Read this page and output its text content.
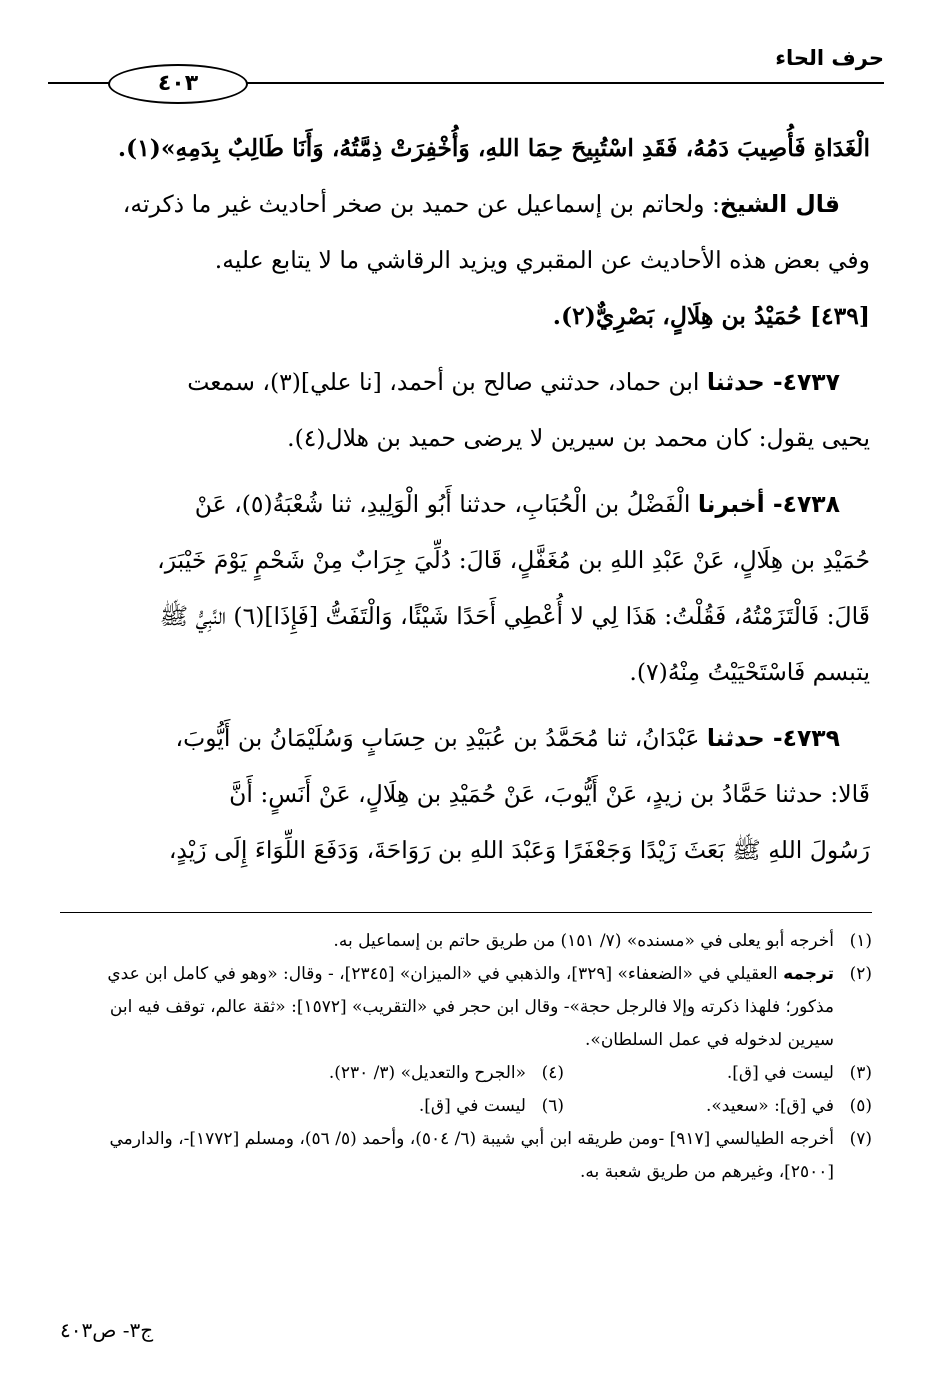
حرف الحاء
٤٠٣

الْغَدَاةِ فَأُصِيبَ دَمُهُ، فَقَدِ اسْتُبِيحَ حِمَا اللهِ، وَأُخْفِرَتْ ذِمَّتُهُ، وَأَنَا طَالِبٌ بِدَمِهِ»(١).

قال الشيخ: ولحاتم بن إسماعيل عن حميد بن صخر أحاديث غير ما ذكرته،

وفي بعض هذه الأحاديث عن المقبري ويزيد الرقاشي ما لا يتابع عليه.

[٤٣٩] حُمَيْدُ بن هِلَالٍ، بَصْرِيٌّ(٢).

٤٧٣٧- حدثنا ابن حماد، حدثني صالح بن أحمد، [نا علي](٣)، سمعت

يحيى يقول: كان محمد بن سيرين لا يرضى حميد بن هلال(٤).

٤٧٣٨- أخبرنا الْفَضْلُ بن الْحُبَابِ، حدثنا أَبُو الْوَلِيدِ، ثنا شُعْبَةُ(٥)، عَنْ

حُمَيْدِ بن هِلَالٍ، عَنْ عَبْدِ اللهِ بن مُغَفَّلٍ، قَالَ: دُلِّيَ جِرَابٌ مِنْ شَحْمٍ يَوْمَ خَيْبَرَ،

قَالَ: فَالْتَزَمْتُهُ، فَقُلْتُ: هَذَا لِي لا أُعْطِي أَحَدًا شَيْئًا، وَالْتَفَتُّ [فَإِذَا](٦) النَّبِيُّ ﷺ

يتبسم فَاسْتَحْيَيْتُ مِنْهُ(٧).

٤٧٣٩- حدثنا عَبْدَانُ، ثنا مُحَمَّدُ بن عُبَيْدِ بن حِسَابٍ وَسُلَيْمَانُ بن أَيُّوبَ،

قَالا: حدثنا حَمَّادُ بن زيدٍ، عَنْ أَيُّوبَ، عَنْ حُمَيْدِ بن هِلَالٍ، عَنْ أَنَسٍ: أَنَّ

رَسُولَ اللهِ ﷺ بَعَثَ زَيْدًا وَجَعْفَرًا وَعَبْدَ اللهِ بن رَوَاحَةَ، وَدَفَعَ اللِّوَاءَ إِلَى زَيْدٍ،

(١)
أخرجه أبو يعلى في «مسنده» (٧/ ١٥١) من طريق حاتم بن إسماعيل به.

(٢)
ترجمه العقيلي في «الضعفاء» [٣٢٩]، والذهبي في «الميزان» [٢٣٤٥]، - وقال: «وهو في كامل ابن عدي مذكور؛ فلهذا ذكرته وإلا فالرجل حجة»- وقال ابن حجر في «التقريب» [١٥٧٢]: «ثقة عالم، توقف فيه ابن سيرين لدخوله في عمل السلطان».

(٣)
ليست في [ق].
(٤)
«الجرح والتعديل» (٣/ ٢٣٠).
(٥)
في [ق]: «سعيد».
(٦)
ليست في [ق].

(٧)
أخرجه الطيالسي [٩١٧] -ومن طريقه ابن أبي شيبة (٦/ ٥٠٤)، وأحمد (٥/ ٥٦)، ومسلم [١٧٧٢]-، والدارمي [٢٥٠٠]، وغيرهم من طريق شعبة به.

ج٣- ص٤٠٣
